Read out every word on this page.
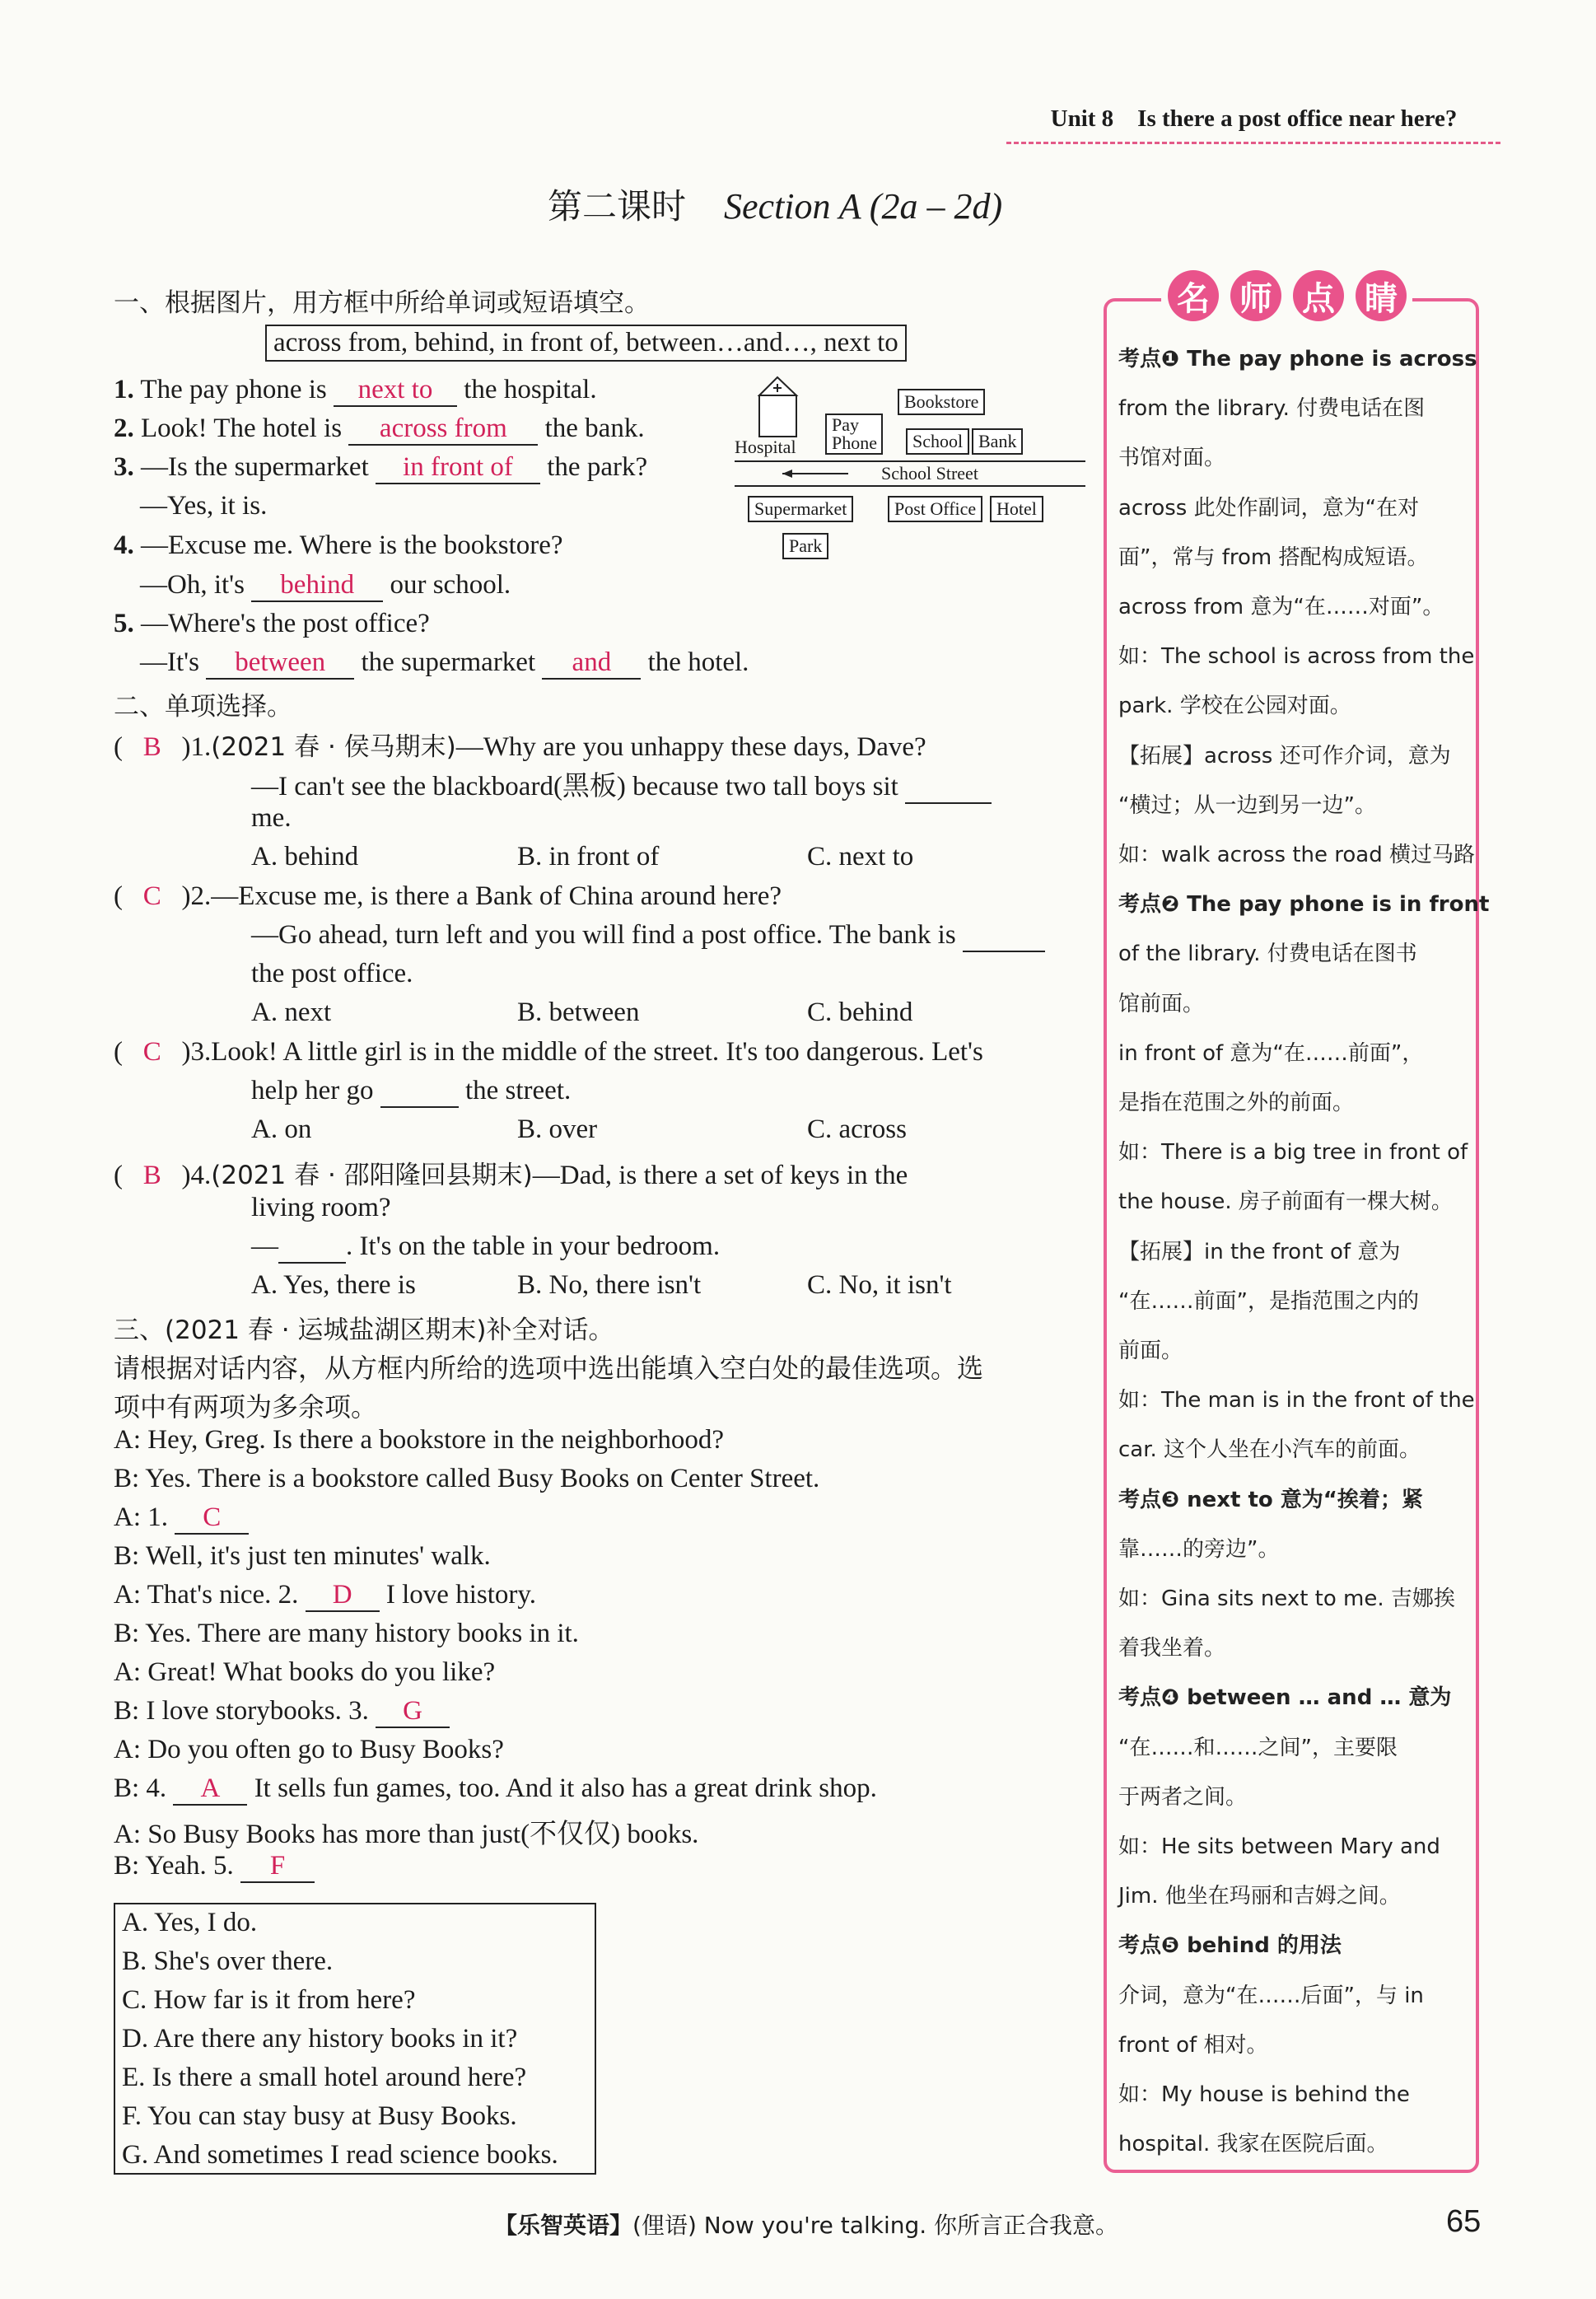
Unit 8 Is there a post office near here?
第二课时 Section A (2a – 2d)
一、根据图片，用方框中所给单词或短语填空。
across from, behind, in front of, between…and…, next to
1. The pay phone is next to the hospital.
2. Look! The hotel is across from the bank.
3. —Is the supermarket in front of the park?
—Yes, it is.
4. —Excuse me. Where is the bookstore?
—Oh, it's behind our school.
5. —Where's the post office?
—It's between the supermarket and the hotel.
Hospital
Pay Phone
Bookstore
School Bank
School Street
Supermarket	Post Office	Hotel
Park
二、单项选择。
(   B )1.(2021 春 · 侯马期末)—Why are you unhappy these days, Dave?
—I can't see the blackboard(黑板) because two tall boys sit
me.
A. behind	B. in front of	C. next to
(   C )2.—Excuse me, is there a Bank of China around here?
—Go ahead, turn left and you will find a post office. The bank is
the post office.
A. next	B. between	C. behind
(   C )3.Look! A little girl is in the middle of the street. It's too dangerous. Let's
help her go	the street.
A. on	B. over	C. across
(   B )4.(2021 春 · 邵阳隆回县期末)—Dad, is there a set of keys in the
living room?
— . It's on the table in your bedroom.
A. Yes, there is	B. No, there isn't	C. No, it isn't
三、(2021 春 · 运城盐湖区期末)补全对话。
请根据对话内容，从方框内所给的选项中选出能填入空白处的最佳选项。选
项中有两项为多余项。
A: Hey, Greg. Is there a bookstore in the neighborhood?
B: Yes. There is a bookstore called Busy Books on Center Street.
A: 1. C
B: Well, it's just ten minutes' walk.
A: That's nice. 2. D I love history.
B: Yes. There are many history books in it.
A: Great! What books do you like?
B: I love storybooks. 3. G
A: Do you often go to Busy Books?
B: 4. A It sells fun games, too. And it also has a great drink shop.
A: So Busy Books has more than just(不仅仅) books.
B: Yeah. 5. F
A. Yes, I do.
B. She's over there.
C. How far is it from here?
D. Are there any history books in it?
E. Is there a small hotel around here?
F. You can stay busy at Busy Books.
G. And sometimes I read science books.
名 师 点 睛
考点❶ The pay phone is across
from the library. 付费电话在图
书馆对面。
across 此处作副词，意为“在对
面”，常与 from 搭配构成短语。
across from 意为“在……对面”。
如：The school is across from the
park. 学校在公园对面。
【拓展】across 还可作介词，意为
“横过；从一边到另一边”。
如：walk across the road 横过马路
考点❷ The pay phone is in front
of the library. 付费电话在图书
馆前面。
in front of 意为“在……前面”，
是指在范围之外的前面。
如：There is a big tree in front of
the house. 房子前面有一棵大树。
【拓展】in the front of 意为
“在……前面”，是指范围之内的
前面。
如：The man is in the front of the
car. 这个人坐在小汽车的前面。
考点❸ next to 意为“挨着；紧
靠……的旁边”。
如：Gina sits next to me. 吉娜挨
着我坐着。
考点❹ between … and … 意为
“在……和……之间”，主要限
于两者之间。
如：He sits between Mary and
Jim. 他坐在玛丽和吉姆之间。
考点❺ behind 的用法
介词，意为“在……后面”，与 in
front of 相对。
如：My house is behind the
hospital. 我家在医院后面。
【乐智英语】(俚语) Now you're talking. 你所言正合我意。	65
